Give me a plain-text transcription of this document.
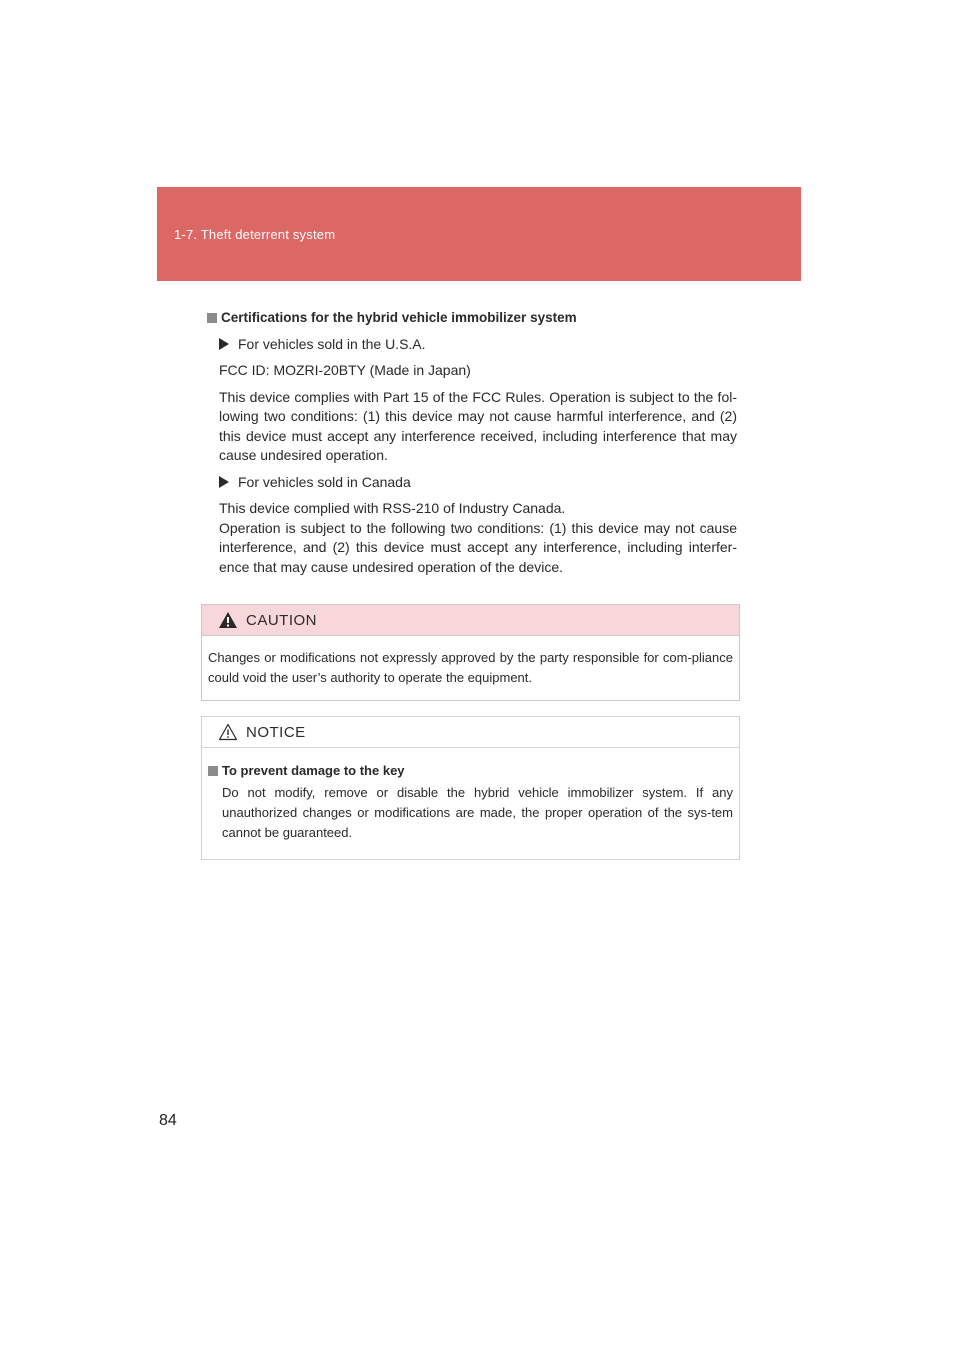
1-7. Theft deterrent system
Certifications for the hybrid vehicle immobilizer system
For vehicles sold in the U.S.A.
FCC ID: MOZRI-20BTY (Made in Japan)
This device complies with Part 15 of the FCC Rules. Operation is subject to the fol-lowing two conditions: (1) this device may not cause harmful interference, and (2) this device must accept any interference received, including interference that may cause undesired operation.
For vehicles sold in Canada
This device complied with RSS-210 of Industry Canada.
Operation is subject to the following two conditions: (1) this device may not cause interference, and (2) this device must accept any interference, including interfer-ence that may cause undesired operation of the device.
CAUTION
Changes or modifications not expressly approved by the party responsible for com-pliance could void the user’s authority to operate the equipment.
NOTICE
To prevent damage to the key
Do not modify, remove or disable the hybrid vehicle immobilizer system. If any unauthorized changes or modifications are made, the proper operation of the sys-tem cannot be guaranteed.
84
